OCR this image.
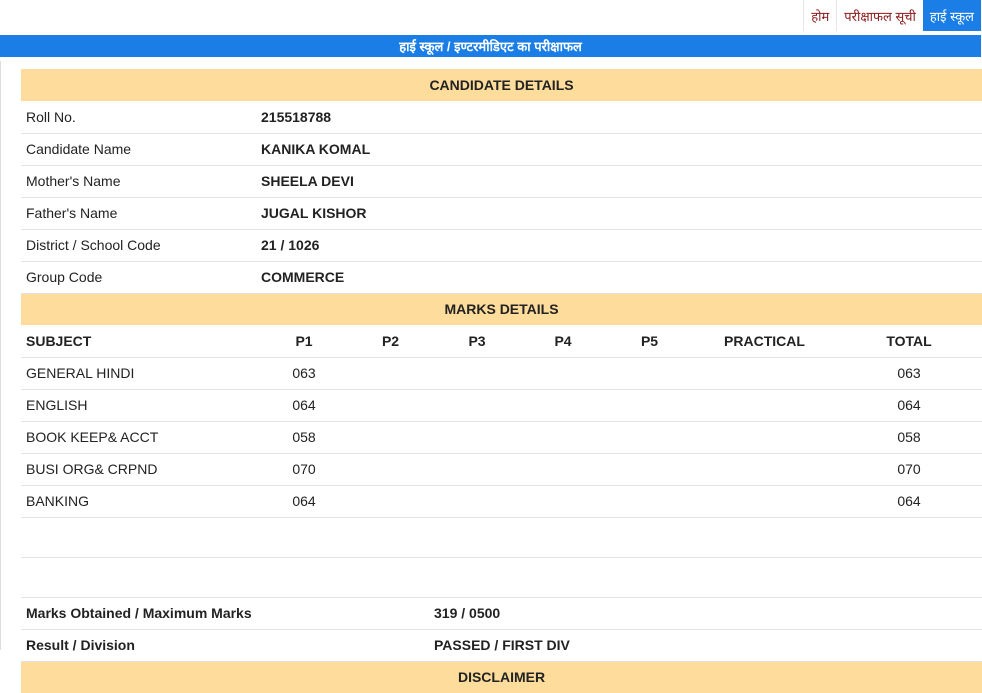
होम	परीक्षाफल सूची	हाई स्कूल
हाई स्कूल / इण्टरमीडिएट का परीक्षाफल
CANDIDATE DETAILS							
Roll No.	215518788						
Candidate Name	KANIKA KOMAL						
Mother's Name	SHEELA DEVI						
Father's Name	JUGAL KISHOR						
District / School Code	21 / 1026						
Group Code	COMMERCE						
MARKS DETAILS							
SUBJECT	P1	P2	P3	P4	P5	PRACTICAL	TOTAL
GENERAL HINDI	063						063
ENGLISH	064						064
BOOK KEEP& ACCT	058						058
BUSI ORG& CRPND	070						070
BANKING	064						064

Marks Obtained / Maximum Marks			319 / 0500				
Result / Division			PASSED / FIRST DIV				
DISCLAIMER							
